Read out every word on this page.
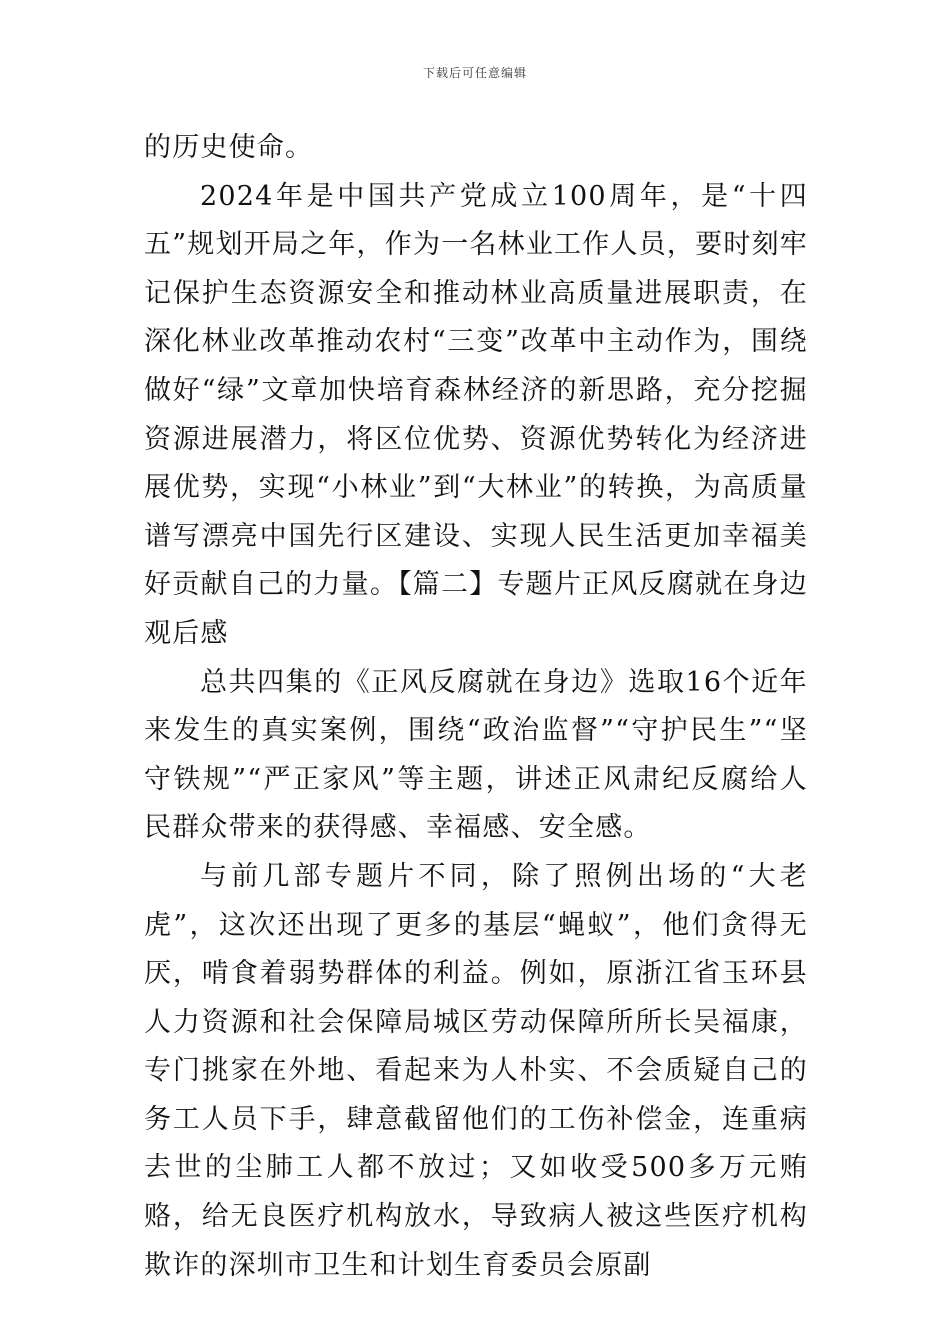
下载后可任意编辑

的历史使命。

2024年是中国共产党成立100周年，是“十四五”规划开局之年，作为一名林业工作人员，要时刻牢记保护生态资源安全和推动林业高质量进展职责，在深化林业改革推动农村“三变”改革中主动作为，围绕做好“绿”文章加快培育森林经济的新思路，充分挖掘资源进展潜力，将区位优势、资源优势转化为经济进展优势，实现“小林业”到“大林业”的转换，为高质量谱写漂亮中国先行区建设、实现人民生活更加幸福美好贡献自己的力量。【篇二】专题片正风反腐就在身边观后感

总共四集的《正风反腐就在身边》选取16个近年来发生的真实案例，围绕“政治监督”“守护民生”“坚守铁规”“严正家风”等主题，讲述正风肃纪反腐给人民群众带来的获得感、幸福感、安全感。

与前几部专题片不同，除了照例出场的“大老虎”，这次还出现了更多的基层“蝇蚁”，他们贪得无厌，啃食着弱势群体的利益。例如，原浙江省玉环县人力资源和社会保障局城区劳动保障所所长吴福康，专门挑家在外地、看起来为人朴实、不会质疑自己的务工人员下手，肆意截留他们的工伤补偿金，连重病去世的尘肺工人都不放过；又如收受500多万元贿赂，给无良医疗机构放水，导致病人被这些医疗机构欺诈的深圳市卫生和计划生育委员会原副
